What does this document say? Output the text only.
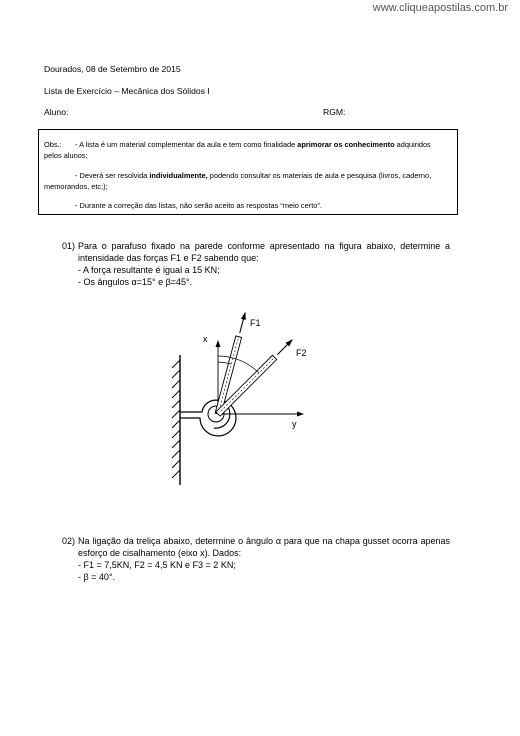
www.cliqueapostilas.com.br
Dourados, 08 de Setembro de 2015
Lista de Exercício – Mecânica dos Sólidos I
Aluno:	RGM:
Obs.: - A lista é um material complementar da aula e tem como finalidade aprimorar os conhecimento adquiridos
pelos alunos;
- Deverá ser resolvida individualmente, podendo consultar os materiais de aula e pesquisa (livros, caderno,
memorandos, etc;);
- Durante a correção das listas, não serão aceito as respostas “meio certo”.
01) Para o parafuso fixado na parede conforme apresentado na figura abaixo, determine a intensidade das forças F1 e F2 sabendo que:
- A força resultante é igual a 15 KN;
- Os ângulos α=15° e β=45°.
F1
F2
x
y
02) Na ligação da treliça abaixo, determine o ângulo α para que na chapa gusset ocorra apenas esforço de cisalhamento (eixo x). Dados:
- F1 = 7,5KN, F2 = 4,5 KN e F3 = 2 KN;
- β = 40°.
